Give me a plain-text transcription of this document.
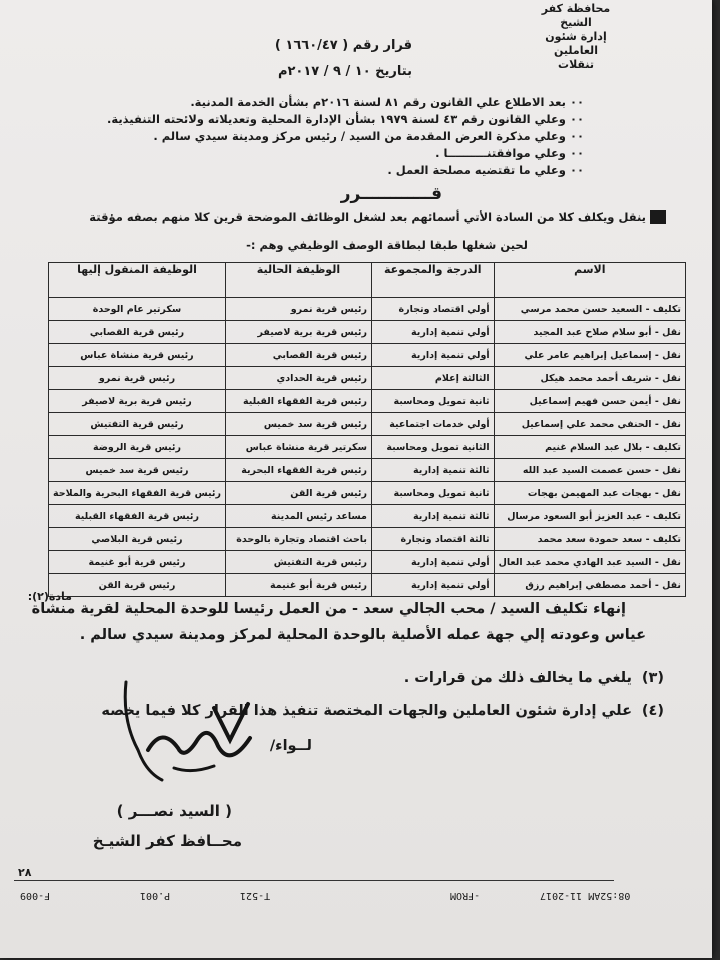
محافظة كفر الشيخ
إدارة شئون العاملين
تنقلات
قرار رقم ( ١٦٦٠/٤٧ )
بتاريخ ١٠ / ٩ / ٢٠١٧م
٠٠ بعد الاطلاع علي القانون رقم ٨١ لسنة ٢٠١٦م بشأن الخدمة المدنية.
٠٠ وعلي القانون رقم ٤٣ لسنة ١٩٧٩ بشأن الإدارة المحلية وتعديلاته ولائحته التنفيذية.
٠٠ وعلي مذكرة العرض المقدمة من السيد / رئيس مركز ومدينة سيدي سالم .
٠٠ وعلي موافقتنــــــــــا .
٠٠ وعلي ما تقتضيه مصلحة العمل .
قــــــــــــرر
ينقل ويكلف كلا من السادة الأتي أسمائهم بعد لشغل الوظائف الموضحة قرين كلا منهم بصفه مؤقتة
لحين شغلها طبقا لبطاقة الوصف الوظيفي وهم :-
الاسم	الدرجة والمجموعة	الوظيفة الحالية	الوظيفة المنقول إليها
تكليف - السعيد حسن محمد مرسي	أولي اقتصاد وتجارة	رئيس قرية نمرو	سكرتير عام الوحدة
نقل - أبو سلام صلاح عبد المجيد	أولي تنمية إدارية	رئيس قرية برية لاصيفر	رئيس قرية القصابي
نقل - إسماعيل إبراهيم عامر علي	أولي تنمية إدارية	رئيس قرية القصابي	رئيس قرية منشاة عباس
نقل - شريف أحمد محمد هيكل	الثالثة إعلام	رئيس قرية الحدادي	رئيس قرية نمرو
نقل - أيمن حسن فهيم إسماعيل	ثانية تمويل ومحاسبة	رئيس قرية الفقهاء القبلية	رئيس قرية برية لاصيفر
نقل - الحنفي محمد علي إسماعيل	أولي خدمات اجتماعية	رئيس قرية سد خميس	رئيس قرية التفتيش
تكليف - بلال عبد السلام غنيم	الثانية تمويل ومحاسبة	سكرتير قرية منشاة عباس	رئيس قرية الروضة
نقل - حسن عصمت السيد عبد الله	ثالثة تنمية إدارية	رئيس قرية الفقهاء البحرية	رئيس قرية سد خميس
نقل - بهجات عبد المهيمن بهجات	ثانية تمويل ومحاسبة	رئيس قرية القن	رئيس قرية الفقهاء البحرية والملاحة
تكليف - عبد العزيز أبو السعود مرسال	ثالثة تنمية إدارية	مساعد رئيس المدينة	رئيس قرية الفقهاء القبلية
تكليف - سعد حمودة سعد محمد	ثالثة اقتصاد وتجارة	باحث اقتصاد وتجارة بالوحدة	رئيس قرية البلاصي
نقل - السيد عبد الهادي محمد عبد العال	أولي تنمية إدارية	رئيس قرية التفتيش	رئيس قرية أبو غنيمة
نقل - أحمد مصطفي إبراهيم رزق	أولي تنمية إدارية	رئيس قرية أبو غنيمة	رئيس قرية القن
مادة(٢):
إنهاء تكليف السيد / محب الجالي سعد - من العمل رئيسا للوحدة المحلية لقرية منشاة
عياس وعودته إلي جهة عمله الأصلية بالوحدة المحلية لمركز ومدينة سيدي سالم .
(٣)
يلغي ما يخالف ذلك من قرارات .
(٤)
علي إدارة شئون العاملين والجهات المختصة تنفيذ هذا القرار كلا فيما يخصه
لــواء/
( السيد نصـــر )
محــافظ كفر الشيـخ
٢٨
F-009	P.001	T-521	FROM-	11-2017 08:52AM
